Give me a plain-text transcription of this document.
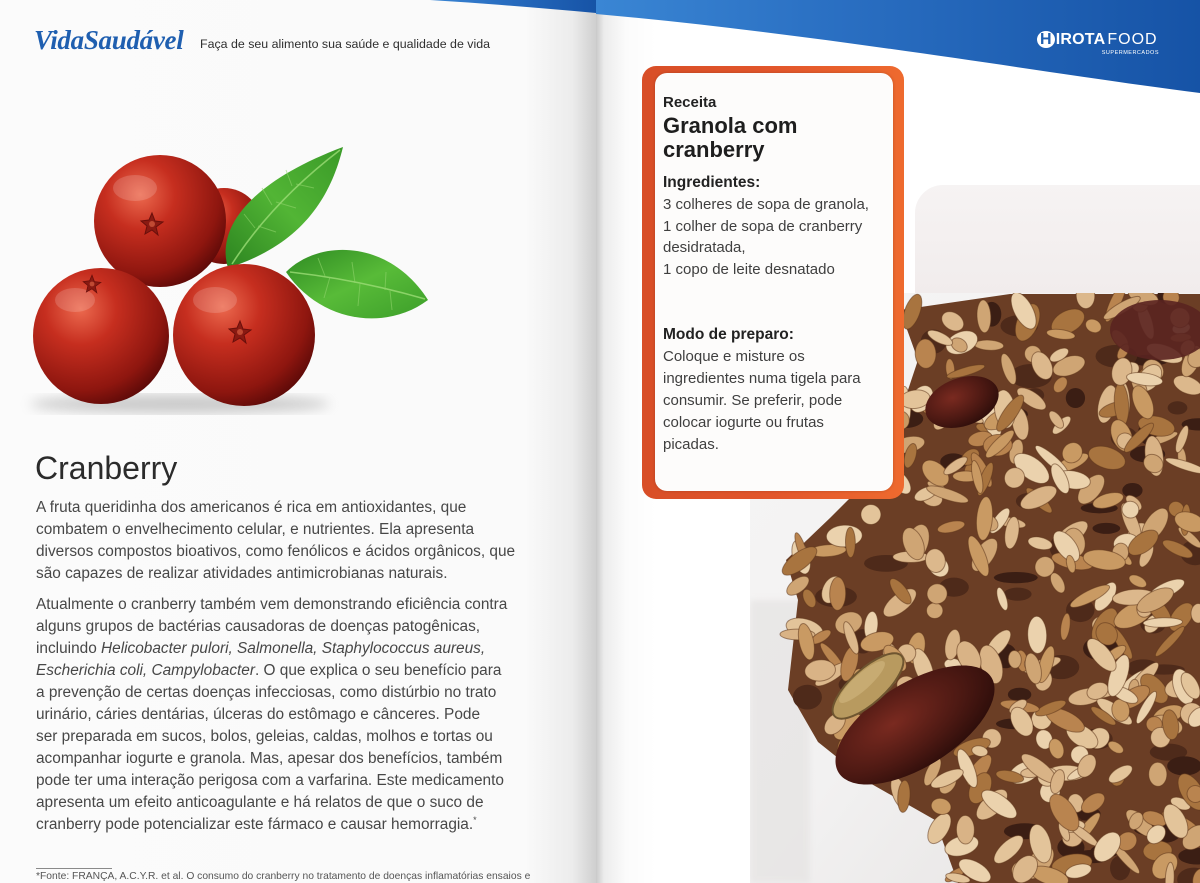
VidaSaudável Faça de seu alimento sua saúde e qualidade de vida	HIROTA FOOD
SUPERMERCADOS
Cranberry
A fruta queridinha dos americanos é rica em antioxidantes, que
combatem o envelhecimento celular, e nutrientes. Ela apresenta
diversos compostos bioativos, como fenólicos e ácidos orgânicos, que
são capazes de realizar atividades antimicrobianas naturais.
Atualmente o cranberry também vem demonstrando eficiência contra
alguns grupos de bactérias causadoras de doenças patogênicas,
incluindo Helicobacter pulori, Salmonella, Staphylococcus aureus,
Escherichia coli, Campylobacter. O que explica o seu benefício para
a prevenção de certas doenças infecciosas, como distúrbio no trato
urinário, cáries dentárias, úlceras do estômago e cânceres. Pode
ser preparada em sucos, bolos, geleias, caldas, molhos e tortas ou
acompanhar iogurte e granola. Mas, apesar dos benefícios, também
pode ter uma interação perigosa com a varfarina. Este medicamento
apresenta um efeito anticoagulante e há relatos de que o suco de
cranberry pode potencializar este fármaco e causar hemorragia.*
*Fonte: FRANÇA, A.C.Y.R. et al. O consumo do cranberry no tratamento de doenças inflamatórias ensaios e
Receita
Granola com
cranberry
Ingredientes:
3 colheres de sopa de granola,
1 colher de sopa de cranberry
desidratada,
1 copo de leite desnatado
Modo de preparo:
Coloque e misture os
ingredientes numa tigela para
consumir. Se preferir, pode
colocar iogurte ou frutas
picadas.
